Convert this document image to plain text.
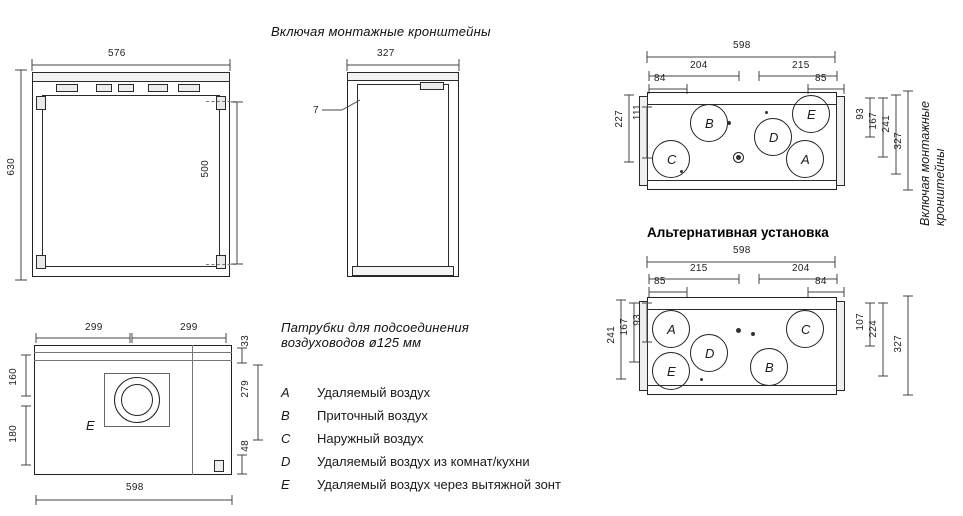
Включая монтажные кронштейны
576
630	500
327
7
598
204	215
84	85
B
D
E
C	A
227 111	93 167 241
327 Включая монтажные кронштейны
Альтернативная установка
598
215	204
85	84
A
D
E	B
C
241 167 93	107 224
327
299	299
E
160
180
33
279
48
598
Патрубки для подсоединения
воздуховодов ø125 мм
A	Удаляемый воздух
B	Приточный воздух
C	Наружный воздух
D	Удаляемый воздух из комнат/кухни
E	Удаляемый воздух через вытяжной зонт
